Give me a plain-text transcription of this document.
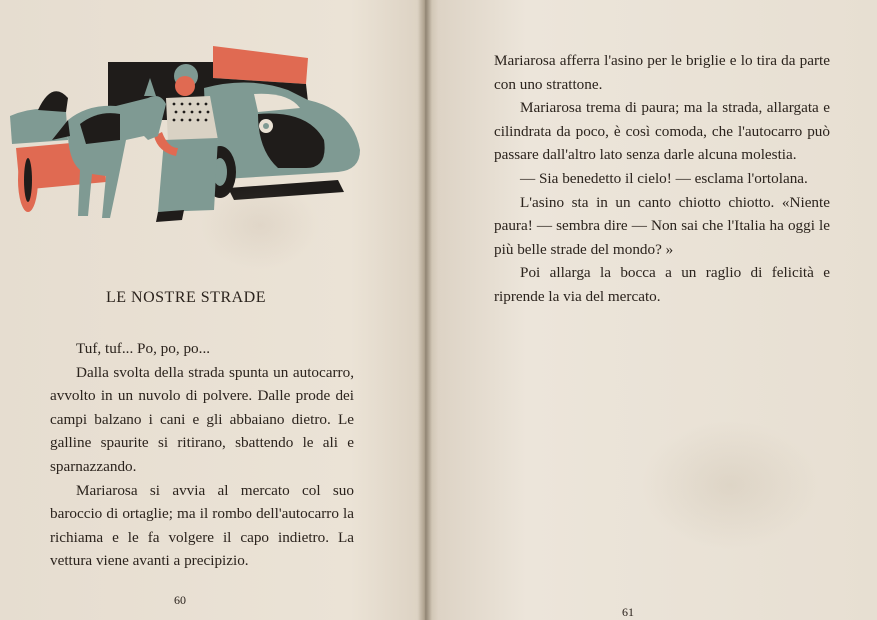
LE NOSTRE STRADE

Tuf, tuf... Po, po, po...

Dalla svolta della strada spunta un autocarro, avvolto in un nuvolo di polvere. Dalle prode dei campi balzano i cani e gli abbaiano dietro. Le galline spaurite si ritirano, sbattendo le ali e sparnazzando.

Mariarosa si avvia al mercato col suo baroccio di ortaglie; ma il rombo dell'autocarro la richiama e le fa volgere il capo indietro. La vettura viene avanti a precipizio.

60

Mariarosa afferra l'asino per le briglie e lo tira da parte con uno strattone.

Mariarosa trema di paura; ma la strada, allargata e cilindrata da poco, è così comoda, che l'autocarro può passare dall'altro lato senza darle alcuna molestia.

— Sia benedetto il cielo! — esclama l'ortolana.

L'asino sta in un canto chiotto chiotto. «Niente paura! — sembra dire — Non sai che l'Italia ha oggi le più belle strade del mondo? »

Poi allarga la bocca a un raglio di felicità e riprende la via del mercato.

61
